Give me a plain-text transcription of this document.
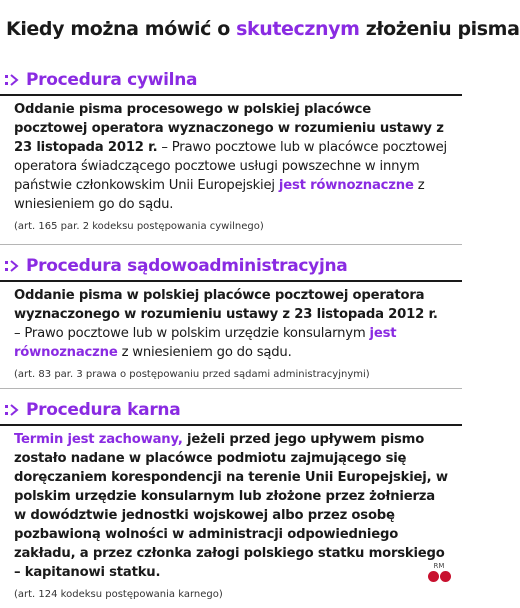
Kiedy można mówić o skutecznym złożeniu pisma
Procedura cywilna
Oddanie pisma procesowego w polskiej placówce pocztowej operatora wyznaczonego w rozumieniu ustawy z 23 listopada 2012 r. – Prawo pocztowe lub w placówce pocztowej operatora świadczącego pocztowe usługi powszechne w innym państwie członkowskim Unii Europejskiej jest równoznaczne z wniesieniem go do sądu.
(art. 165 par. 2 kodeksu postępowania cywilnego)
Procedura sądowoadministracyjna
Oddanie pisma w polskiej placówce pocztowej operatora wyznaczonego w rozumieniu ustawy z 23 listopada 2012 r. – Prawo pocztowe lub w polskim urzędzie konsularnym jest równoznaczne z wniesieniem go do sądu.
(art. 83 par. 3 prawa o postępowaniu przed sądami administracyjnymi)
Procedura karna
Termin jest zachowany, jeżeli przed jego upływem pismo zostało nadane w placówce podmiotu zajmującego się doręczaniem korespondencji na terenie Unii Europejskiej, w polskim urzędzie konsularnym lub złożone przez żołnierza w dowództwie jednostki wojskowej albo przez osobę pozbawioną wolności w administracji odpowiedniego zakładu, a przez członka załogi polskiego statku morskiego – kapitanowi statku.
(art. 124 kodeksu postępowania karnego)
RM
